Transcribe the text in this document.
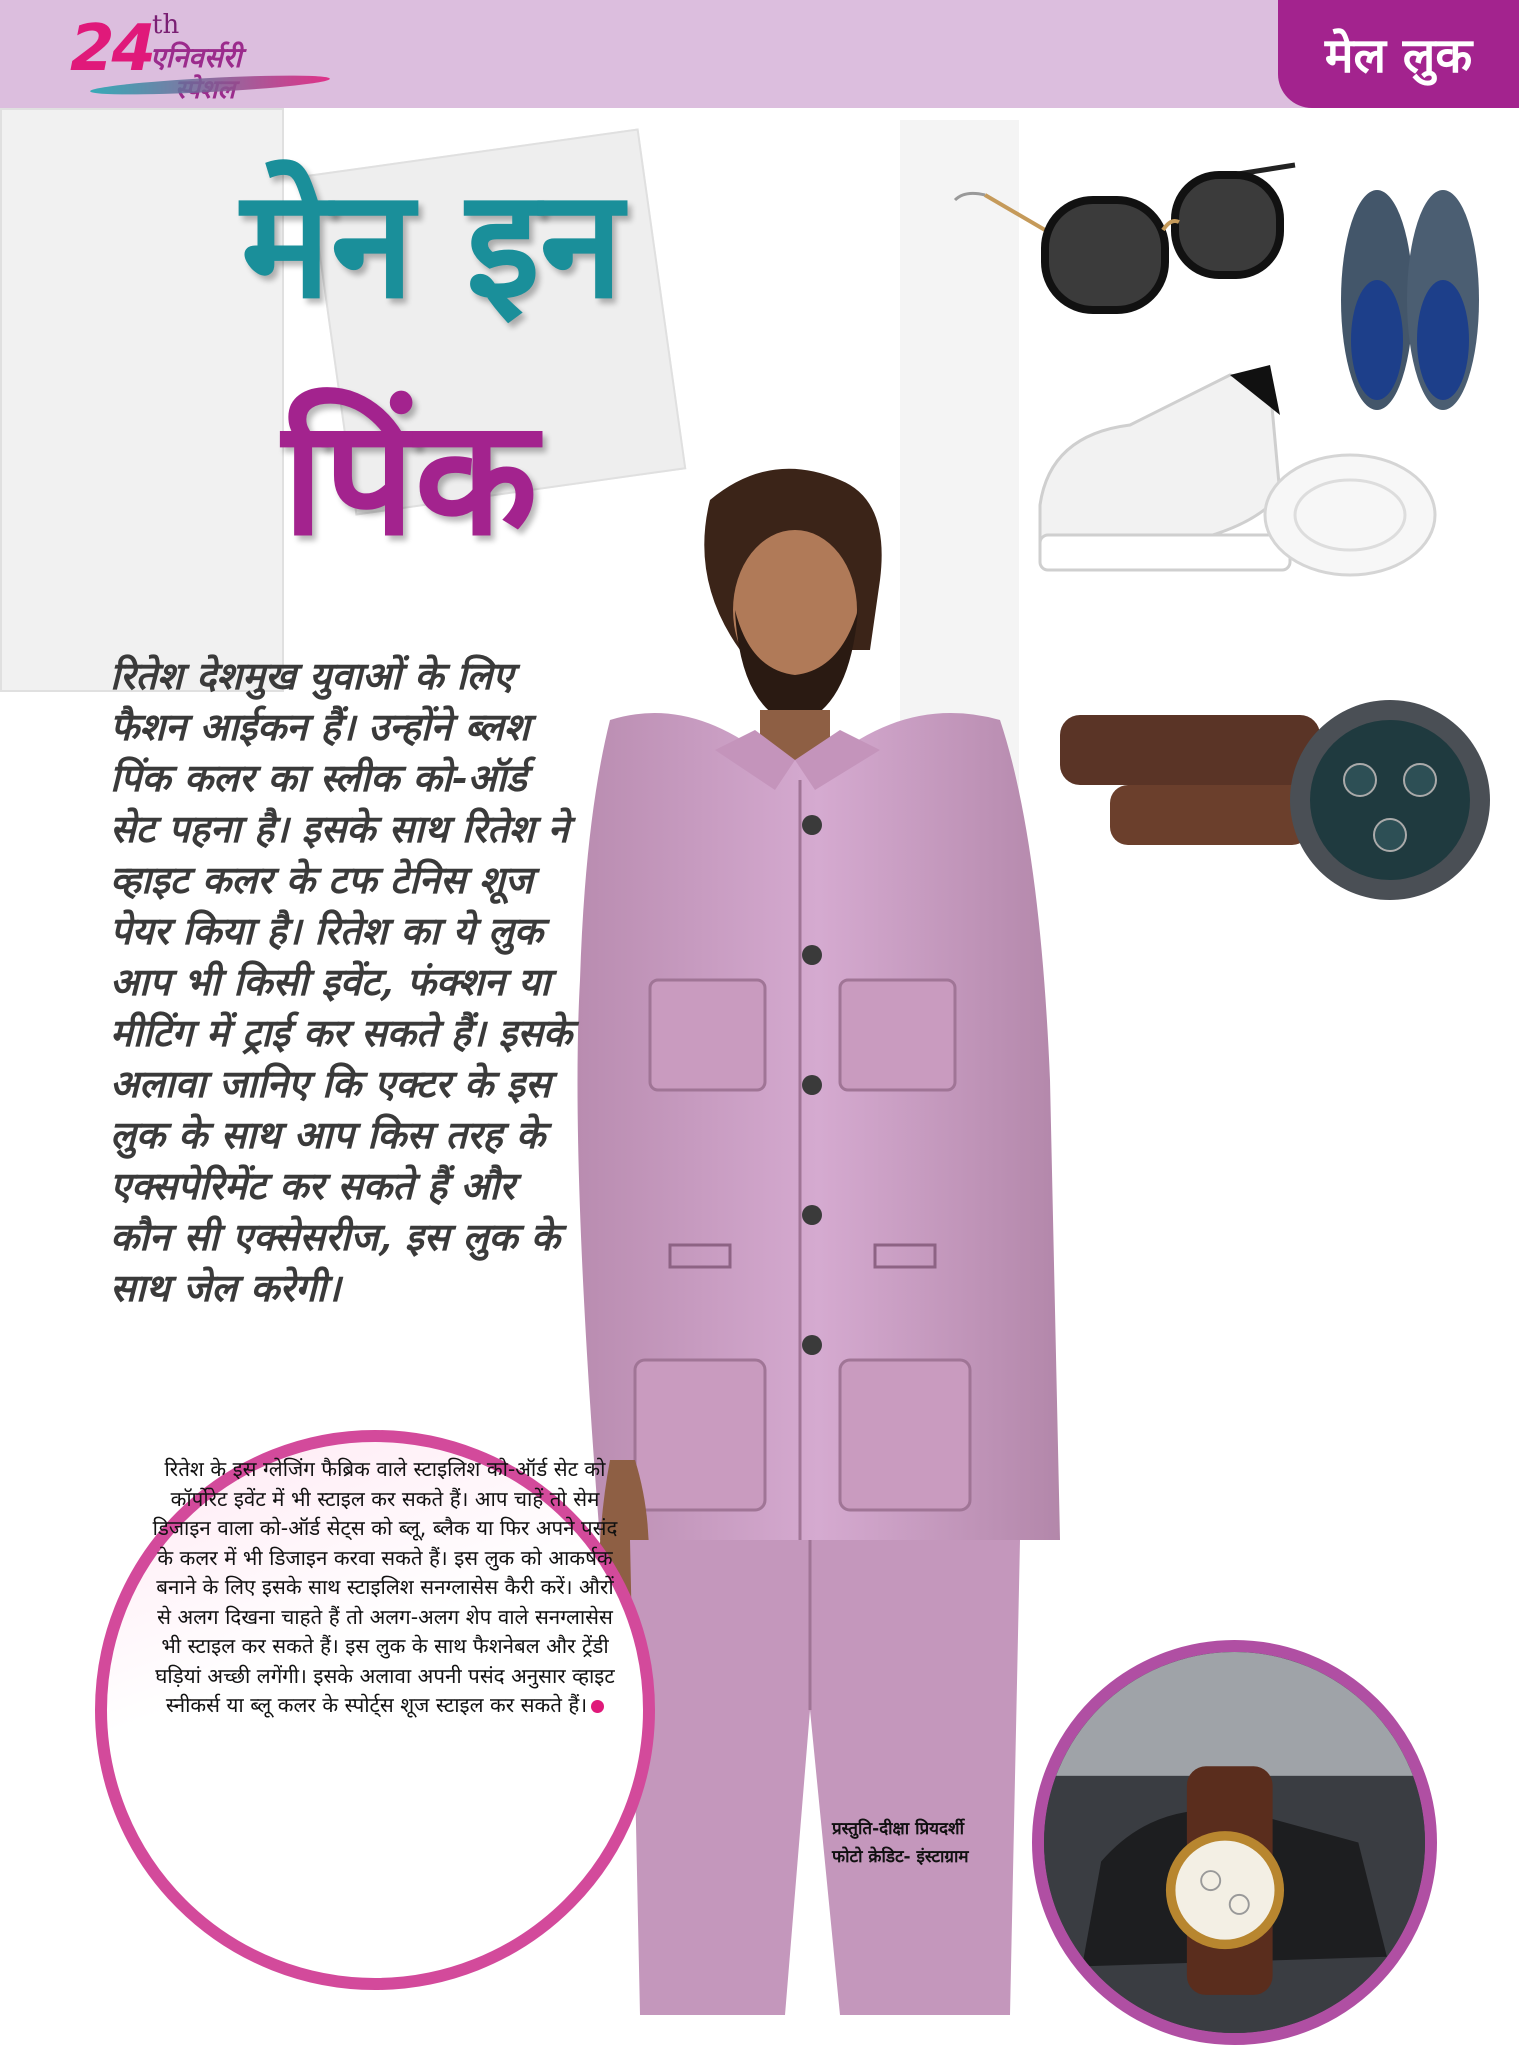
24
th
एनिवर्सरी	मेल लुक
मेन इन
पिंक
रितेश देशमुख युवाओं के लिए फैशन आईकन हैं। उन्होंने ब्लश पिंक कलर का स्लीक को-ऑर्ड सेट पहना है। इसके साथ रितेश ने व्हाइट कलर के टफ टेनिस शूज पेयर किया है। रितेश का ये लुक आप भी किसी इवेंट, फंक्शन या मीटिंग में ट्राई कर सकते हैं। इसके अलावा जानिए कि एक्टर के इस लुक के साथ आप किस तरह के एक्सपेरिमेंट कर सकते हैं और कौन सी एक्सेसरीज, इस लुक के साथ जेल करेगी।
रितेश के इस ग्लेजिंग फैब्रिक वाले स्टाइलिश को-ऑर्ड सेट को कॉर्पोरेट इवेंट में भी स्टाइल कर सकते हैं। आप चाहें तो सेम डिजाइन वाला को-ऑर्ड सेट्स को ब्लू, ब्लैक या फिर अपने पसंद के कलर में भी डिजाइन करवा सकते हैं। इस लुक को आकर्षक बनाने के लिए इसके साथ स्टाइलिश सनग्लासेस कैरी करें। औरों से अलग दिखना चाहते हैं तो अलग-अलग शेप वाले सनग्लासेस भी स्टाइल कर सकते हैं। इस लुक के साथ फैशनेबल और ट्रेंडी घड़ियां अच्छी लगेंगी। इसके अलावा अपनी पसंद अनुसार व्हाइट स्नीकर्स या ब्लू कलर के स्पोर्ट्स शूज स्टाइल कर सकते हैं।
प्रस्तुति-दीक्षा प्रियदर्शी
फोटो क्रेडिट- इंस्टाग्राम
